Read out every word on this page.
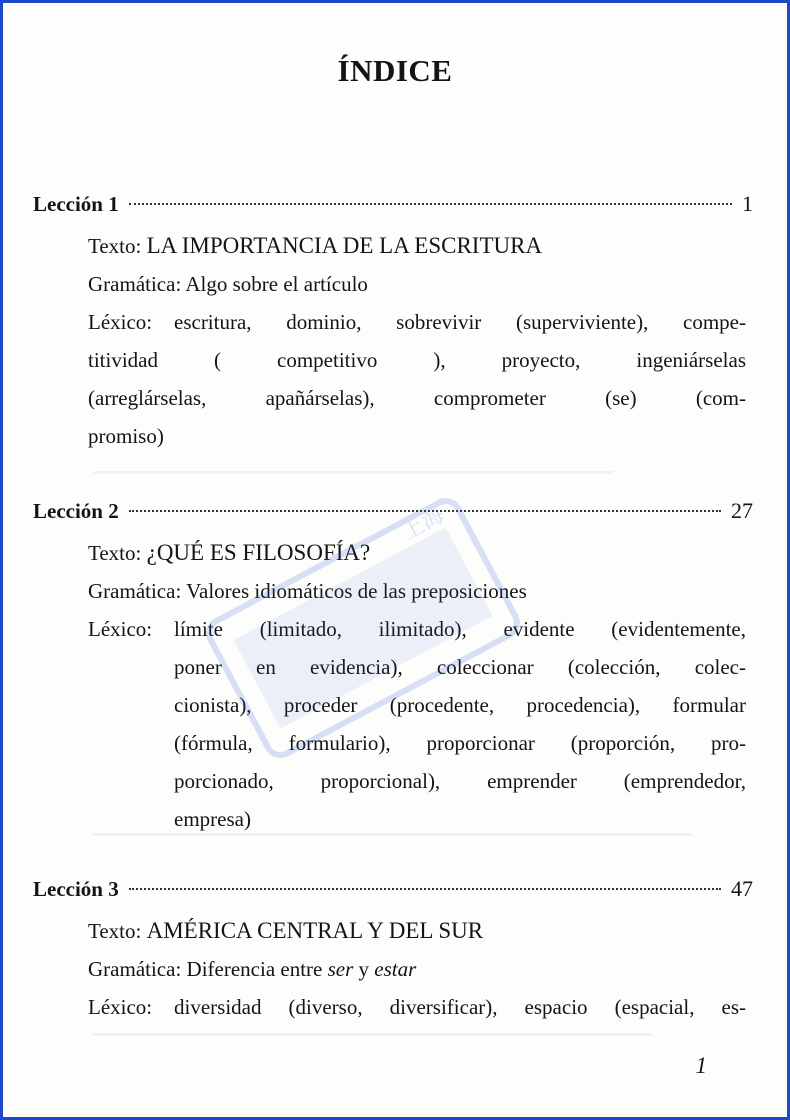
ÍNDICE
Lección 1	1
Texto: LA IMPORTANCIA DE LA ESCRITURA
Gramática: Algo sobre el artículo
Léxico: escritura, dominio, sobrevivir (superviviente), compe-
titividad ( competitivo ), proyecto, ingeniárselas
(arreglárselas, apañárselas), comprometer (se) (com-
promiso)
Lección 2	27
Texto: ¿QUÉ ES FILOSOFÍA?
Gramática: Valores idiomáticos de las preposiciones
Léxico: límite (limitado, ilimitado), evidente (evidentemente,
poner en evidencia), coleccionar (colección, colec-
cionista), proceder (procedente, procedencia), formular
(fórmula, formulario), proporcionar (proporción, pro-
porcionado, proporcional), emprender (emprendedor,
empresa)
Lección 3	47
Texto: AMÉRICA CENTRAL Y DEL SUR
Gramática: Diferencia entre ser y estar
Léxico: diversidad (diverso, diversificar), espacio (espacial, es-
上海
1
